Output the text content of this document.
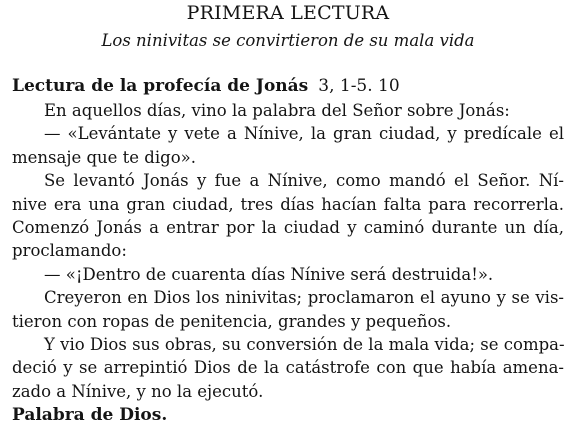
PRIMERA LECTURA
Los ninivitas se convirtieron de su mala vida
Lectura de la profecía de Jonás 3, 1-5. 10
En aquellos días, vino la palabra del Señor sobre Jonás:
— «Levántate y vete a Nínive, la gran ciudad, y predícale el
mensaje que te digo».
Se levantó Jonás y fue a Nínive, como mandó el Señor. Ní-
nive era una gran ciudad, tres días hacían falta para recorrerla.
Comenzó Jonás a entrar por la ciudad y caminó durante un día,
proclamando:
— «¡Dentro de cuarenta días Nínive será destruida!».
Creyeron en Dios los ninivitas; proclamaron el ayuno y se vis-
tieron con ropas de penitencia, grandes y pequeños.
Y vio Dios sus obras, su conversión de la mala vida; se compa-
deció y se arrepintió Dios de la catástrofe con que había amena-
zado a Nínive, y no la ejecutó.
Palabra de Dios.
